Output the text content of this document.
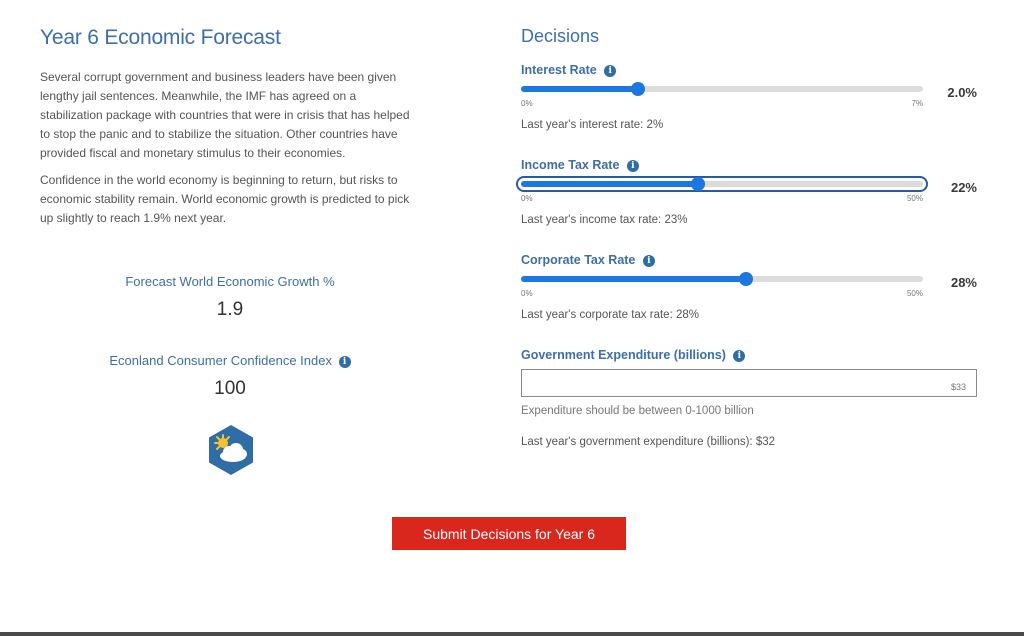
Year 6 Economic Forecast

Several corrupt government and business leaders have been given lengthy jail sentences. Meanwhile, the IMF has agreed on a stabilization package with countries that were in crisis that has helped to stop the panic and to stabilize the situation. Other countries have provided fiscal and monetary stimulus to their economies.

Confidence in the world economy is beginning to return, but risks to economic stability remain. World economic growth is predicted to pick up slightly to reach 1.9% next year.

Forecast World Economic Growth %
1.9
Econland Consumer Confidence Index i
100
Decisions
Interest Rate i
0%	7%
2.0%
Last year's interest rate: 2%
Income Tax Rate i
0%	50%
22%
Last year's income tax rate: 23%
Corporate Tax Rate i
0%	50%
28%
Last year's corporate tax rate: 28%
Government Expenditure (billions) i
$33
Expenditure should be between 0-1000 billion
Last year's government expenditure (billions): $32
Submit Decisions for Year 6
